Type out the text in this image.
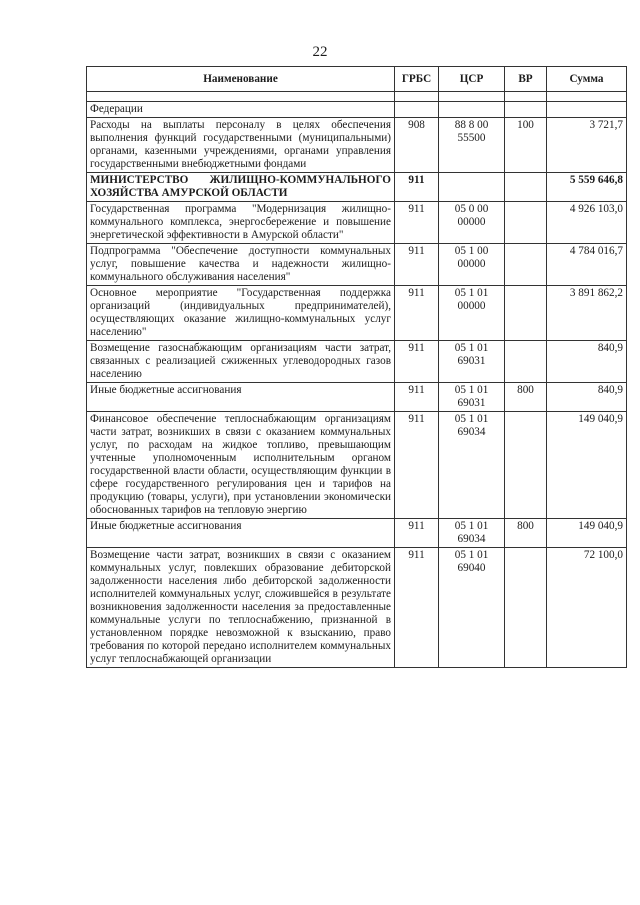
22
Наименование	ГРБС	ЦСР	ВР	Сумма

Федерации				
Расходы на выплаты персоналу в целях обеспечения выполнения функций государственными (муниципальными) органами, казенными учреждениями, органами управления государственными внебюджетными фондами	908	88 8 00 55500	100	3 721,7
МИНИСТЕРСТВО ЖИЛИЩНО-КОММУНАЛЬНОГО ХОЗЯЙСТВА АМУРСКОЙ ОБЛАСТИ	911			5 559 646,8
Государственная программа "Модернизация жилищно-коммунального комплекса, энергосбережение и повышение энергетической эффективности в Амурской области"	911	05 0 00 00000		4 926 103,0
Подпрограмма "Обеспечение доступности коммунальных услуг, повышение качества и надежности жилищно-коммунального обслуживания населения"	911	05 1 00 00000		4 784 016,7
Основное мероприятие "Государственная поддержка организаций (индивидуальных предпринимателей), осуществляющих оказание жилищно-коммунальных услуг населению"	911	05 1 01 00000		3 891 862,2
Возмещение газоснабжающим организациям части затрат, связанных с реализацией сжиженных углеводородных газов населению	911	05 1 01 69031		840,9
Иные бюджетные ассигнования	911	05 1 01 69031	800	840,9
Финансовое обеспечение теплоснабжающим организациям части затрат, возникших в связи с оказанием коммунальных услуг, по расходам на жидкое топливо, превышающим учтенные уполномоченным исполнительным органом государственной власти области, осуществляющим функции в сфере государственного регулирования цен и тарифов на продукцию (товары, услуги), при установлении экономически обоснованных тарифов на тепловую энергию	911	05 1 01 69034		149 040,9
Иные бюджетные ассигнования	911	05 1 01 69034	800	149 040,9
Возмещение части затрат, возникших в связи с оказанием коммунальных услуг, повлекших образование дебиторской задолженности населения либо дебиторской задолженности исполнителей коммунальных услуг, сложившейся в результате возникновения задолженности населения за предоставленные коммунальные услуги по теплоснабжению, признанной в установленном порядке невозможной к взысканию, право требования по которой передано исполнителем коммунальных услуг теплоснабжающей организации	911	05 1 01 69040		72 100,0
